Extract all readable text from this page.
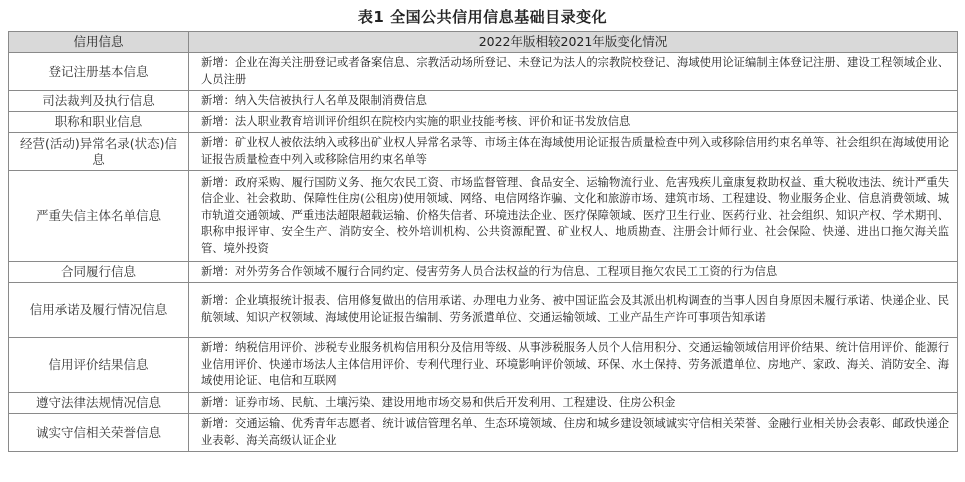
表1 全国公共信用信息基础目录变化
信用信息	2022年版相较2021年版变化情况
登记注册基本信息	新增：企业在海关注册登记或者备案信息、宗教活动场所登记、未登记为法人的宗教院校登记、海域使用论证编制主体登记注册、建设工程领域企业、人员注册
司法裁判及执行信息	新增：纳入失信被执行人名单及限制消费信息
职称和职业信息	新增：法人职业教育培训评价组织在院校内实施的职业技能考核、评价和证书发放信息
经营(活动)异常名录(状态)信息	新增：矿业权人被依法纳入或移出矿业权人异常名录等、市场主体在海域使用论证报告质量检查中列入或移除信用约束名单等、社会组织在海域使用论证报告质量检查中列入或移除信用约束名单等
严重失信主体名单信息	新增：政府采购、履行国防义务、拖欠农民工资、市场监督管理、食品安全、运输物流行业、危害残疾儿童康复救助权益、重大税收违法、统计严重失信企业、社会救助、保障性住房(公租房)使用领域、网络、电信网络诈骗、文化和旅游市场、建筑市场、工程建设、物业服务企业、信息消费领域、城市轨道交通领域、严重违法超限超载运输、价格失信者、环境违法企业、医疗保障领域、医疗卫生行业、医药行业、社会组织、知识产权、学术期刊、职称申报评审、安全生产、消防安全、校外培训机构、公共资源配置、矿业权人、地质勘查、注册会计师行业、社会保险、快递、进出口拖欠海关监管、境外投资
合同履行信息	新增：对外劳务合作领域不履行合同约定、侵害劳务人员合法权益的行为信息、工程项目拖欠农民工工资的行为信息
信用承诺及履行情况信息	新增：企业填报统计报表、信用修复做出的信用承诺、办理电力业务、被中国证监会及其派出机构调查的当事人因自身原因未履行承诺、快递企业、民航领域、知识产权领域、海域使用论证报告编制、劳务派遣单位、交通运输领域、工业产品生产许可事项告知承诺
信用评价结果信息	新增：纳税信用评价、涉税专业服务机构信用积分及信用等级、从事涉税服务人员个人信用积分、交通运输领域信用评价结果、统计信用评价、能源行业信用评价、快递市场法人主体信用评价、专利代理行业、环境影响评价领域、环保、水土保持、劳务派遣单位、房地产、家政、海关、消防安全、海域使用论证、电信和互联网
遵守法律法规情况信息	新增：证券市场、民航、土壤污染、建设用地市场交易和供后开发利用、工程建设、住房公积金
诚实守信相关荣誉信息	新增：交通运输、优秀青年志愿者、统计诚信管理名单、生态环境领域、住房和城乡建设领域诚实守信相关荣誉、金融行业相关协会表彰、邮政快递企业表彰、海关高级认证企业
